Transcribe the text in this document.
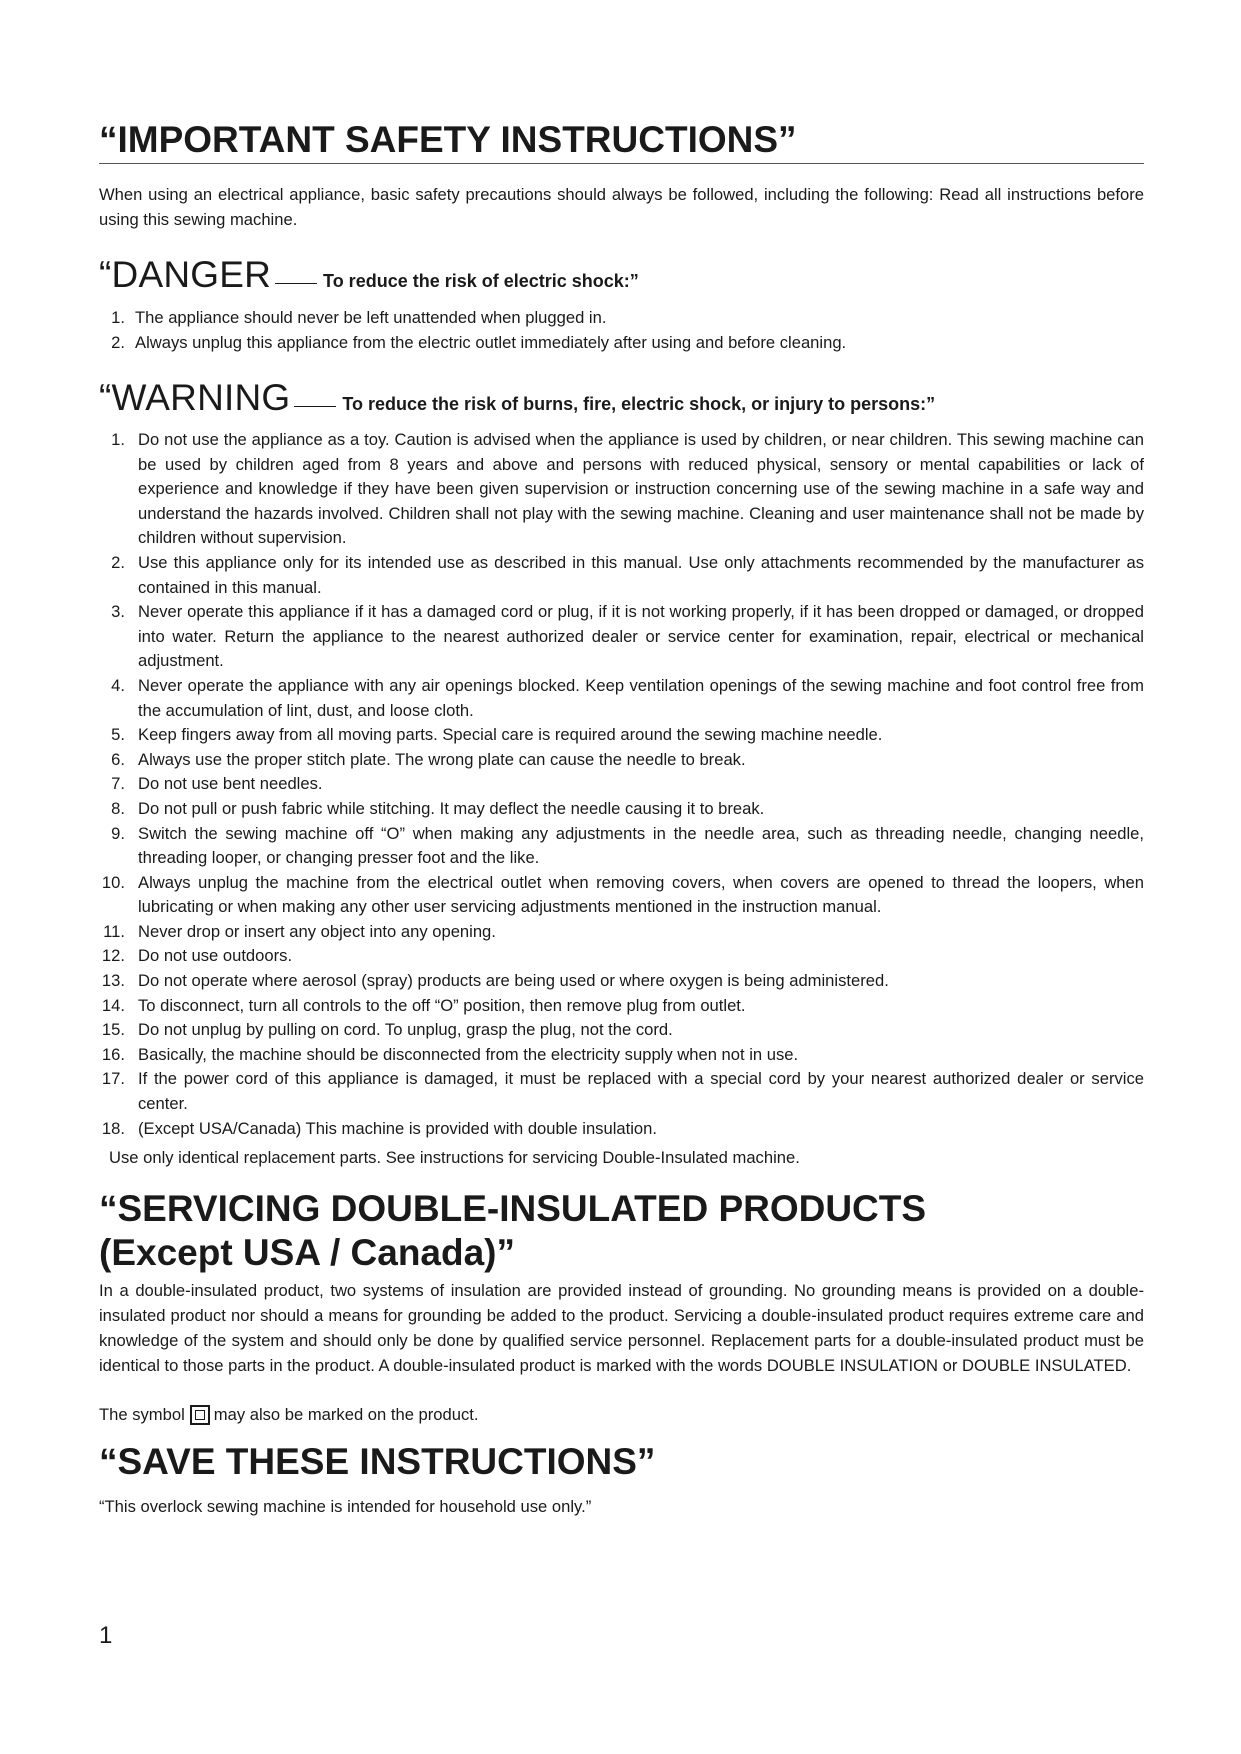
“IMPORTANT SAFETY INSTRUCTIONS”

When using an electrical appliance, basic safety precautions should always be followed, including the following: Read all instructions before using this sewing machine.

“DANGER	To reduce the risk of electric shock:”
1. The appliance should never be left unattended when plugged in.
2. Always unplug this appliance from the electric outlet immediately after using and before cleaning.
“WARNING	To reduce the risk of burns, fire, electric shock, or injury to persons:”
1. Do not use the appliance as a toy. Caution is advised when the appliance is used by children, or near children. This sewing machine can be used by children aged from 8 years and above and persons with reduced physical, sensory or mental capabilities or lack of experience and knowledge if they have been given supervision or instruction concerning use of the sewing machine in a safe way and understand the hazards involved. Children shall not play with the sewing machine. Cleaning and user maintenance shall not be made by children without supervision.
2. Use this appliance only for its intended use as described in this manual. Use only attachments recommended by the manufacturer as contained in this manual.
3. Never operate this appliance if it has a damaged cord or plug, if it is not working properly, if it has been dropped or damaged, or dropped into water. Return the appliance to the nearest authorized dealer or service center for examination, repair, electrical or mechanical adjustment.
4. Never operate the appliance with any air openings blocked. Keep ventilation openings of the sewing machine and foot control free from the accumulation of lint, dust, and loose cloth.
5. Keep fingers away from all moving parts. Special care is required around the sewing machine needle.
6. Always use the proper stitch plate. The wrong plate can cause the needle to break.
7. Do not use bent needles.
8. Do not pull or push fabric while stitching. It may deflect the needle causing it to break.
9. Switch the sewing machine off “O” when making any adjustments in the needle area, such as threading needle, changing needle, threading looper, or changing presser foot and the like.
10. Always unplug the machine from the electrical outlet when removing covers, when covers are opened to thread the loopers, when lubricating or when making any other user servicing adjustments mentioned in the instruction manual.
11. Never drop or insert any object into any opening.
12. Do not use outdoors.
13. Do not operate where aerosol (spray) products are being used or where oxygen is being administered.
14. To disconnect, turn all controls to the off “O” position, then remove plug from outlet.
15. Do not unplug by pulling on cord. To unplug, grasp the plug, not the cord.
16. Basically, the machine should be disconnected from the electricity supply when not in use.
17. If the power cord of this appliance is damaged, it must be replaced with a special cord by your nearest authorized dealer or service center.
18. (Except USA/Canada) This machine is provided with double insulation.
Use only identical replacement parts. See instructions for servicing Double-Insulated machine.
“SERVICING DOUBLE-INSULATED PRODUCTS
(Except USA / Canada)”

In a double-insulated product, two systems of insulation are provided instead of grounding. No grounding means is provided on a double-insulated product nor should a means for grounding be added to the product. Servicing a double-insulated product requires extreme care and knowledge of the system and should only be done by qualified service personnel. Replacement parts for a double-insulated product must be identical to those parts in the product. A double-insulated product is marked with the words DOUBLE INSULATION or DOUBLE INSULATED.

The symbol may also be marked on the product.
“SAVE THESE INSTRUCTIONS”

“This overlock sewing machine is intended for household use only.”

1
